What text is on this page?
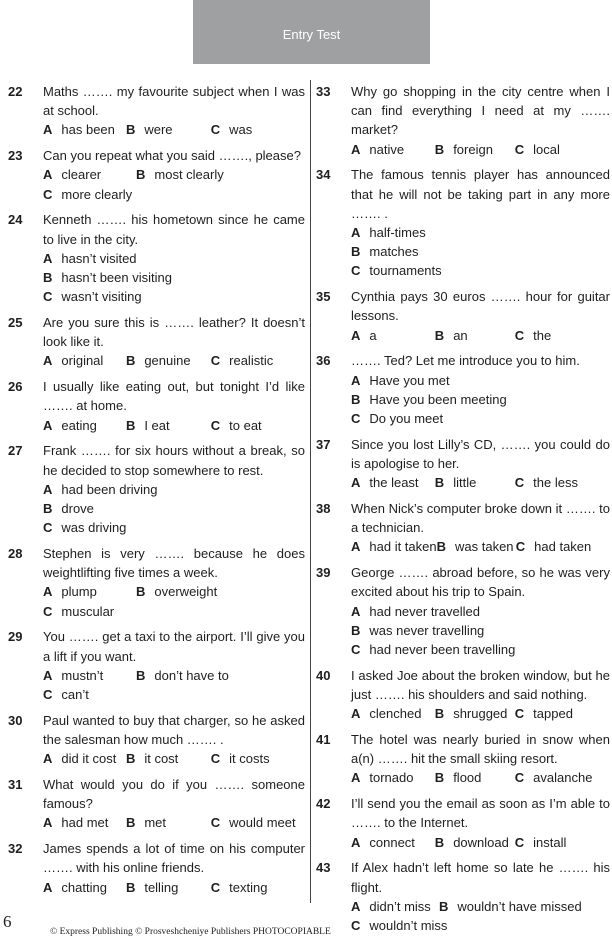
Entry Test
22	Maths ……. my favourite subject when I was at school.
A has been B were	C was
23	Can you repeat what you said ……., please?
A clearer	B most clearly
C more clearly
24	Kenneth ……. his hometown since he came to live in the city.
A hasn’t visited
B hasn’t been visiting
C wasn’t visiting
25	Are you sure this is ……. leather? It doesn’t look like it.
A original B genuine C realistic
26	I usually like eating out, but tonight I’d like ……. at home.
A eating B I eat	C to eat
27	Frank ……. for six hours without a break, so he decided to stop somewhere to rest.
A had been driving
B drove
C was driving
28	Stephen is very ……. because he does weightlifting five times a week.
A plump	B overweight
C muscular
29	You ……. get a taxi to the airport. I’ll give you a lift if you want.
A mustn’t	B don’t have to
C can’t
30	Paul wanted to buy that charger, so he asked the salesman how much ……. .
A did it cost B it cost C it costs
31	What would you do if you ……. someone famous?
A had met B met	C would meet
32	James spends a lot of time on his computer ……. with his online friends.
A chatting B telling C texting
33	Why go shopping in the city centre when I can find everything I need at my ……. market?
A native B foreign C local
34	The famous tennis player has announced that he will not be taking part in any more ……. .
A half-times
B matches
C tournaments
35	Cynthia pays 30 euros ……. hour for guitar lessons.
A a	B an	C the
36	……. Ted? Let me introduce you to him.
A Have you met
B Have you been meeting
C Do you meet
37	Since you lost Lilly’s CD, ……. you could do is apologise to her.
A the least B little	C the less
38	When Nick’s computer broke down it ……. to a technician.
A had it taken B was taken C had taken
39	George ……. abroad before, so he was very excited about his trip to Spain.
A had never travelled
B was never travelling
C had never been travelling
40	I asked Joe about the broken window, but he just ……. his shoulders and said nothing.
A clenched B shrugged C tapped
41	The hotel was nearly buried in snow when a(n) ……. hit the small skiing resort.
A tornado B flood	C avalanche
42	I’ll send you the email as soon as I’m able to ……. to the Internet.
A connect B download C install
43	If Alex hadn’t left home so late he ……. his flight.
A didn’t miss B wouldn’t have missed
C wouldn’t miss
6
© Express Publishing © Prosveshcheniye Publishers PHOTOCOPIABLE
